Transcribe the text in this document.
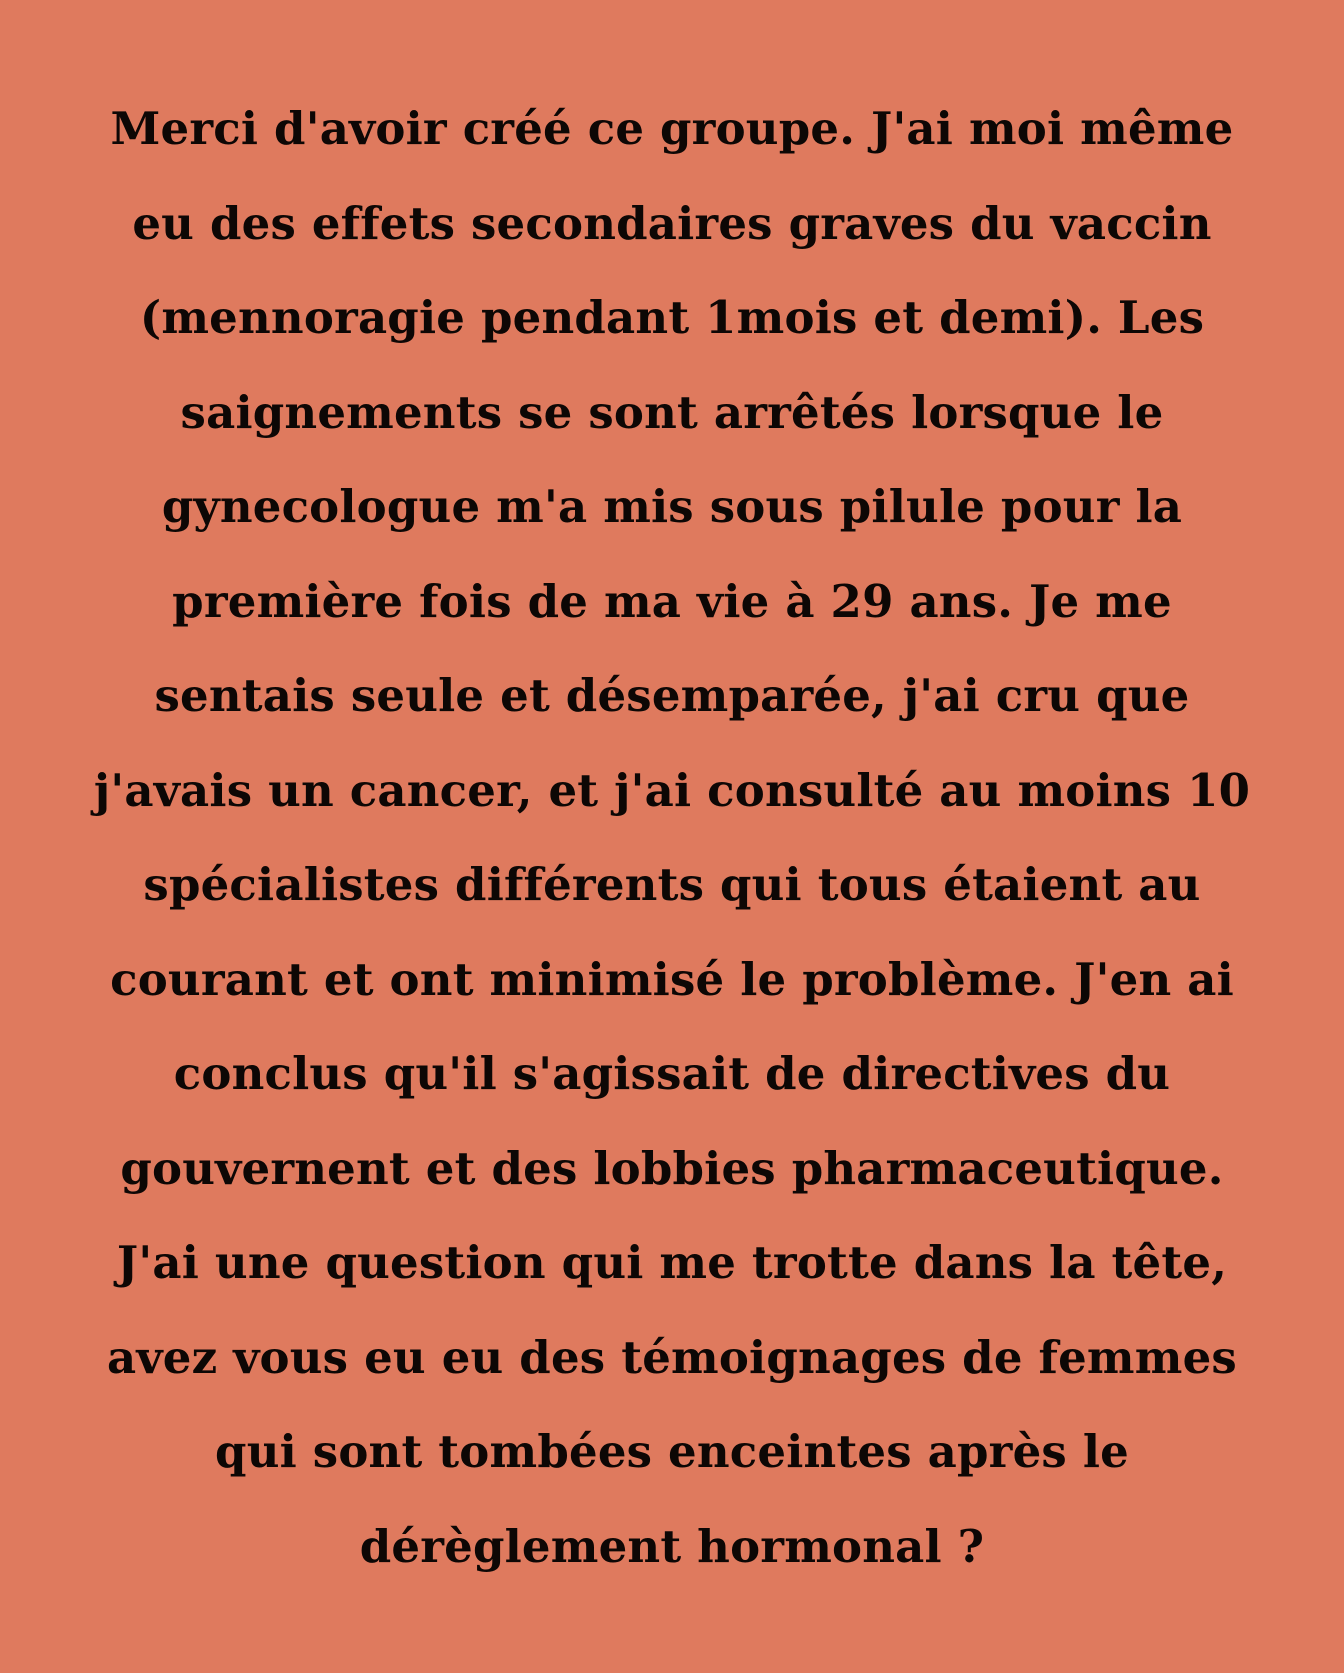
Merci d'avoir créé ce groupe. J'ai moi même
eu des effets secondaires graves du vaccin
(mennoragie pendant 1mois et demi). Les
saignements se sont arrêtés lorsque le
gynecologue m'a mis sous pilule pour la
première fois de ma vie à 29 ans. Je me
sentais seule et désemparée, j'ai cru que
j'avais un cancer, et j'ai consulté au moins 10
spécialistes différents qui tous étaient au
courant et ont minimisé le problème. J'en ai
conclus qu'il s'agissait de directives du
gouvernent et des lobbies pharmaceutique.
J'ai une question qui me trotte dans la tête,
avez vous eu eu des témoignages de femmes
qui sont tombées enceintes après le
dérèglement hormonal ?
